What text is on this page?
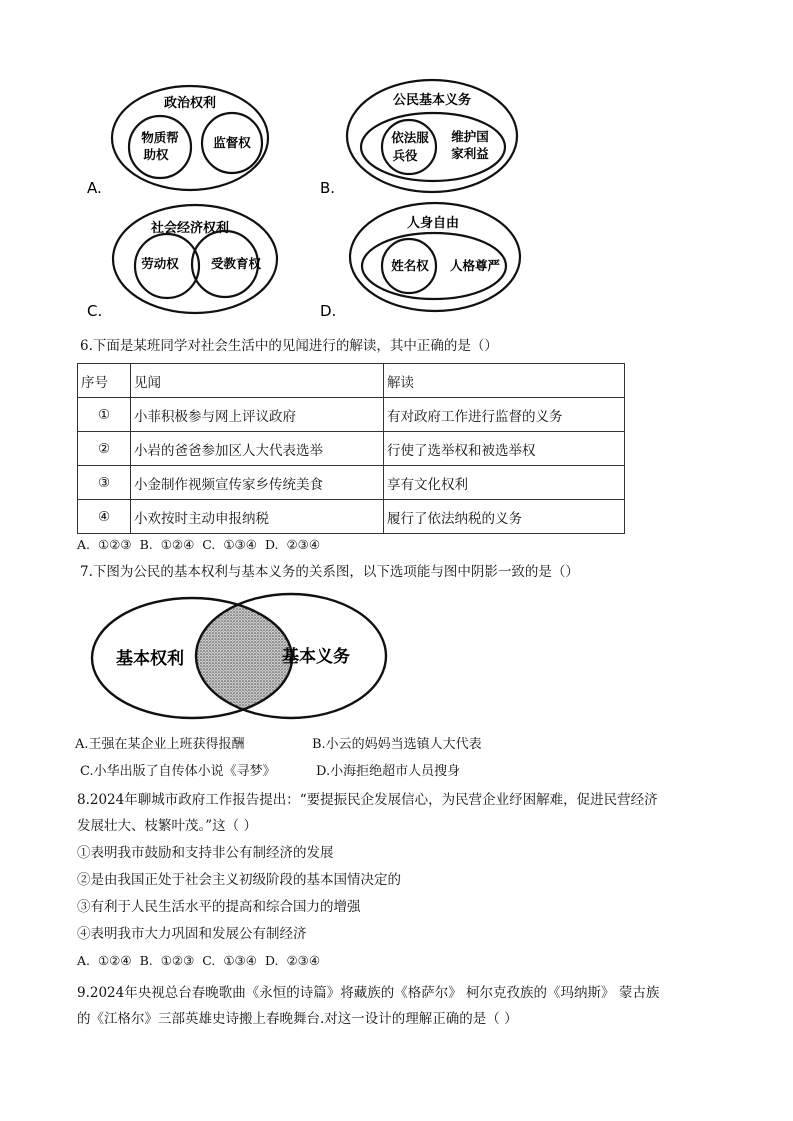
政治权利
物质帮
助权
监督权
A.
公民基本义务
依法服
兵役
维护国
家利益
B.
社会经济权利
劳动权	受教育权
C.
人身自由
姓名权 人格尊严
D.
6.下面是某班同学对社会生活中的见闻进行的解读，其中正确的是（）
序号	见闻	解读
①	小菲积极参与网上评议政府	有对政府工作进行监督的义务
②	小岩的爸爸参加区人大代表选举	行使了选举权和被选举权
③	小金制作视频宣传家乡传统美食	享有文化权利
④	小欢按时主动申报纳税	履行了依法纳税的义务
A. ①②③ B. ①②④ C. ①③④ D. ②③④
7.下图为公民的基本权利与基本义务的关系图，以下选项能与图中阴影一致的是（）
基本权利	基本义务
A.王强在某企业上班获得报酬	B.小云的妈妈当选镇人大代表
C.小华出版了自传体小说《寻梦》	D.小海拒绝超市人员搜身
8.2024年聊城市政府工作报告提出：“要提振民企发展信心，为民营企业纾困解难，促进民营经济
发展壮大、枝繁叶茂。”这（ ）
①表明我市鼓励和支持非公有制经济的发展
②是由我国正处于社会主义初级阶段的基本国情决定的
③有利于人民生活水平的提高和综合国力的增强
④表明我市大力巩固和发展公有制经济
A. ①②④ B. ①②③ C. ①③④ D. ②③④
9.2024年央视总台春晚歌曲《永恒的诗篇》将藏族的《格萨尔》 柯尔克孜族的《玛纳斯》 蒙古族
的《江格尔》三部英雄史诗搬上春晚舞台.对这一设计的理解正确的是（ ）
